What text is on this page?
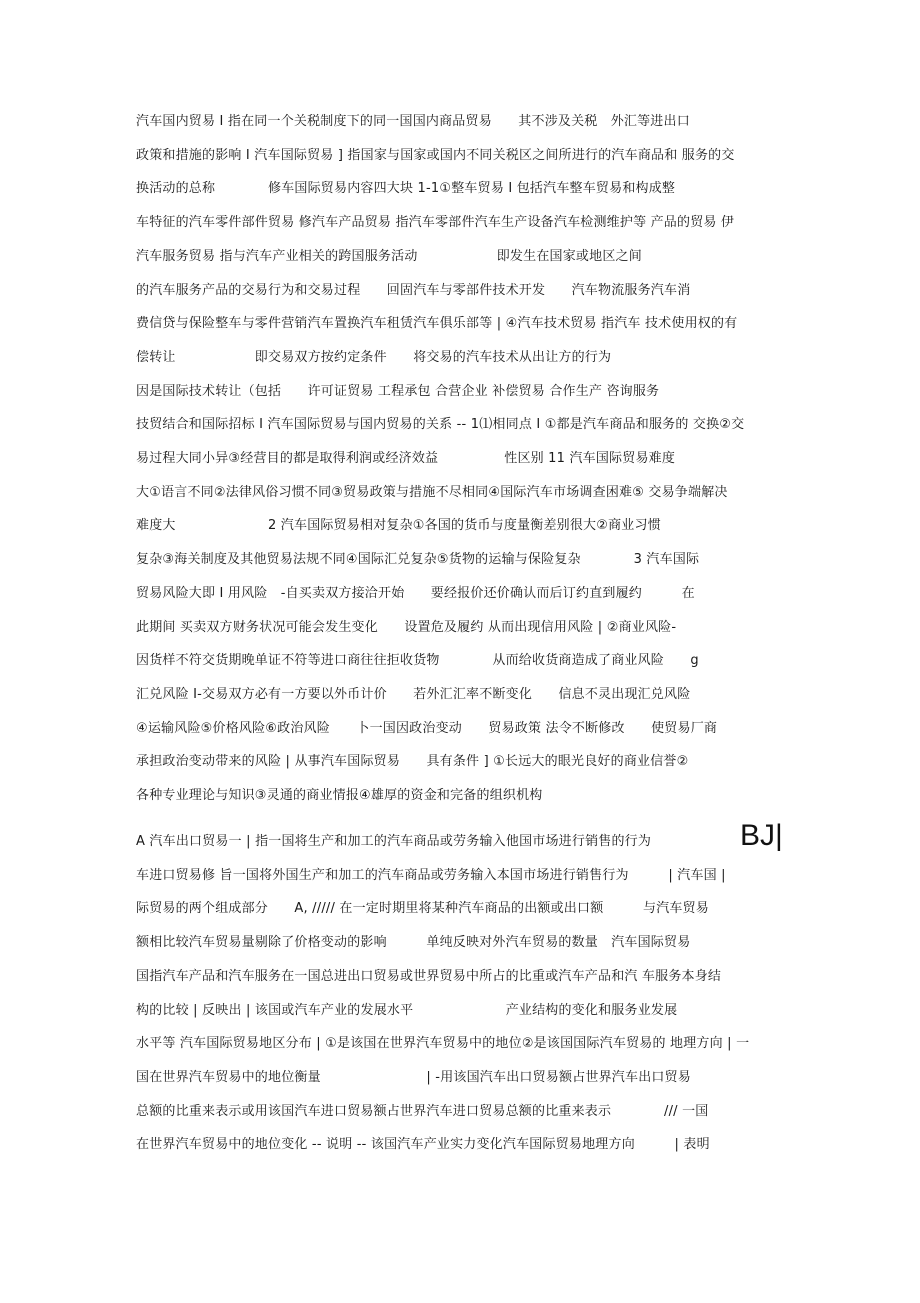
汽车国内贸易 I 指在同一个关税制度下的同一国国内商品贸易　　其不涉及关税　外汇等进出口
政策和措施的影响 I 汽车国际贸易 ] 指国家与国家或国内不同关税区之间所进行的汽车商品和 服务的交
换活动的总称　　　　修车国际贸易内容四大块 1-1①整车贸易 I 包括汽车整车贸易和构成整
车特征的汽车零件部件贸易 修汽车产品贸易 指汽车零部件汽车生产设备汽车检测维护等 产品的贸易 伊
汽车服务贸易 指与汽车产业相关的跨国服务活动　　　　　　即发生在国家或地区之间
的汽车服务产品的交易行为和交易过程　　回固汽车与零部件技术开发　　汽车物流服务汽车消
费信贷与保险整车与零件营销汽车置换汽车租赁汽车俱乐部等 | ④汽车技术贸易 指汽车 技术使用权的有
偿转让　　　　　　即交易双方按约定条件　　将交易的汽车技术从出让方的行为
因是国际技术转让（包括　　许可证贸易 工程承包 合营企业 补偿贸易 合作生产 咨询服务
技贸结合和国际招标 I 汽车国际贸易与国内贸易的关系 -- 1⑴相同点 I ①都是汽车商品和服务的 交换②交
易过程大同小异③经营目的都是取得利润或经济效益　　　　　性区别 11 汽车国际贸易难度
大①语言不同②法律风俗习惯不同③贸易政策与措施不尽相同④国际汽车市场调查困难⑤ 交易争端解决
难度大　　　　　　　2 汽车国际贸易相对复杂①各国的货币与度量衡差别很大②商业习惯
复杂③海关制度及其他贸易法规不同④国际汇兑复杂⑤货物的运输与保险复杂　　　　3 汽车国际
贸易风险大即 I 用风险　-自买卖双方接洽开始　　要经报价还价确认而后订约直到履约　　　在
此期间 买卖双方财务状况可能会发生变化　　设置危及履约 从而出现信用风险 | ②商业风险-
因货样不符交货期晚单证不符等进口商往往拒收货物　　　　从而给收货商造成了商业风险　　g
汇兑风险 I-交易双方必有一方要以外币计价　　若外汇汇率不断变化　　信息不灵出现汇兑风险
④运输风险⑤价格风险⑥政治风险　　卜一国因政治变动　　贸易政策 法令不断修改　　使贸易厂商
承担政治变动带来的风险 | 从事汽车国际贸易　　具有条件 ] ①长远大的眼光良好的商业信誉②
各种专业理论与知识③灵通的商业情报④雄厚的资金和完备的组织机构
A 汽车出口贸易一 | 指一国将生产和加工的汽车商品或劳务输入他国市场进行销售的行为
车进口贸易修 旨一国将外国生产和加工的汽车商品或劳务输入本国市场进行销售行为　　　| 汽车国 |
际贸易的两个组成部分　　A, ///// 在一定时期里将某种汽车商品的出额或出口额　　　与汽车贸易
额相比较汽车贸易量剔除了价格变动的影响　　　单纯反映对外汽车贸易的数量　汽车国际贸易
国指汽车产品和汽车服务在一国总进出口贸易或世界贸易中所占的比重或汽车产品和汽 车服务本身结
构的比较 | 反映出 | 该国或汽车产业的发展水平　　　　　　　产业结构的变化和服务业发展
水平等 汽车国际贸易地区分布 | ①是该国在世界汽车贸易中的地位②是该国国际汽车贸易的 地理方向 | 一
国在世界汽车贸易中的地位衡量　　　　　　　　| -用该国汽车出口贸易额占世界汽车出口贸易
总额的比重来表示或用该国汽车进口贸易额占世界汽车进口贸易总额的比重来表示　　　　/// 一国
在世界汽车贸易中的地位变化 -- 说明 -- 该国汽车产业实力变化汽车国际贸易地理方向　　　| 表明
BJ|
